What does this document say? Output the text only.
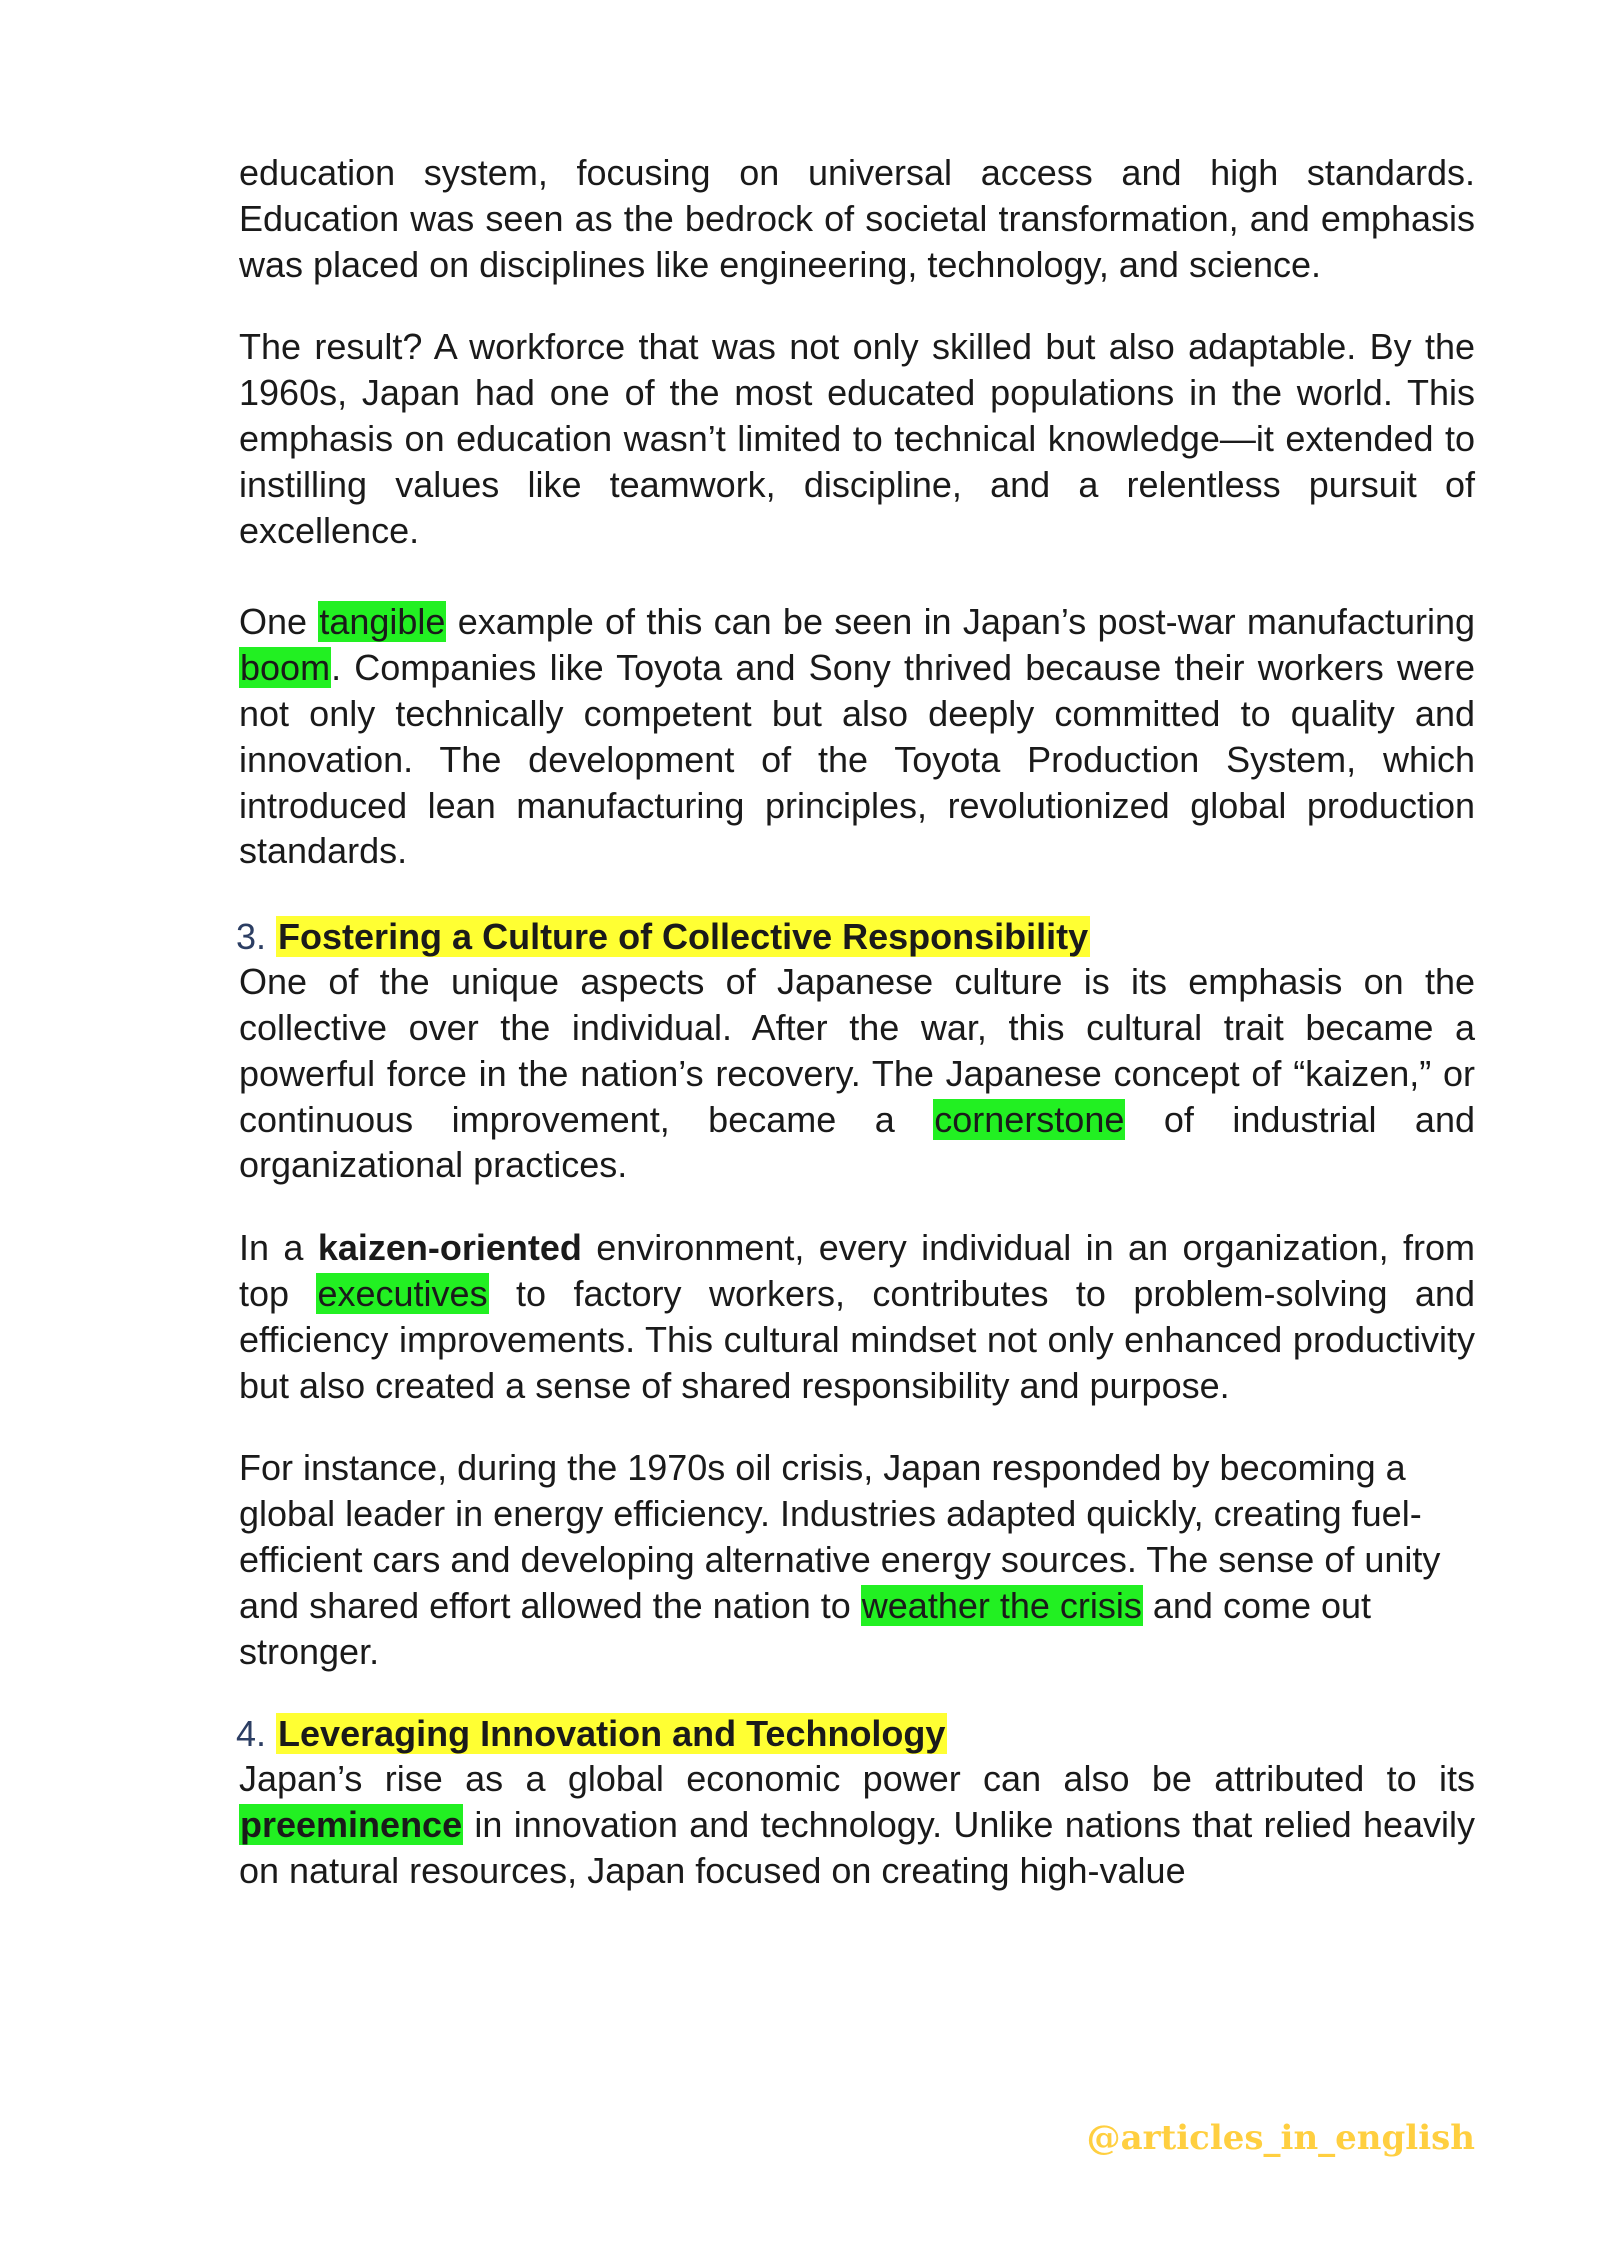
education system, focusing on universal access and high standards. Education was seen as the bedrock of societal transformation, and emphasis was placed on disciplines like engineering, technology, and science.

The result? A workforce that was not only skilled but also adaptable. By the 1960s, Japan had one of the most educated populations in the world. This emphasis on education wasn’t limited to technical knowledge—it extended to instilling values like teamwork, discipline, and a relentless pursuit of excellence.

One tangible example of this can be seen in Japan’s post-war manufacturing boom. Companies like Toyota and Sony thrived because their workers were not only technically competent but also deeply committed to quality and innovation. The development of the Toyota Production System, which introduced lean manufacturing principles, revolutionized global production standards.

3. Fostering a Culture of Collective Responsibility

One of the unique aspects of Japanese culture is its emphasis on the collective over the individual. After the war, this cultural trait became a powerful force in the nation’s recovery. The Japanese concept of “kaizen,” or continuous improvement, became a cornerstone of industrial and organizational practices.

In a kaizen-oriented environment, every individual in an organization, from top executives to factory workers, contributes to problem-solving and efficiency improvements. This cultural mindset not only enhanced productivity but also created a sense of shared responsibility and purpose.

For instance, during the 1970s oil crisis, Japan responded by becoming a global leader in energy efficiency. Industries adapted quickly, creating fuel-efficient cars and developing alternative energy sources. The sense of unity and shared effort allowed the nation to weather the crisis and come out stronger.

4. Leveraging Innovation and Technology

Japan’s rise as a global economic power can also be attributed to its preeminence in innovation and technology. Unlike nations that relied heavily on natural resources, Japan focused on creating high-value

@articles_in_english
